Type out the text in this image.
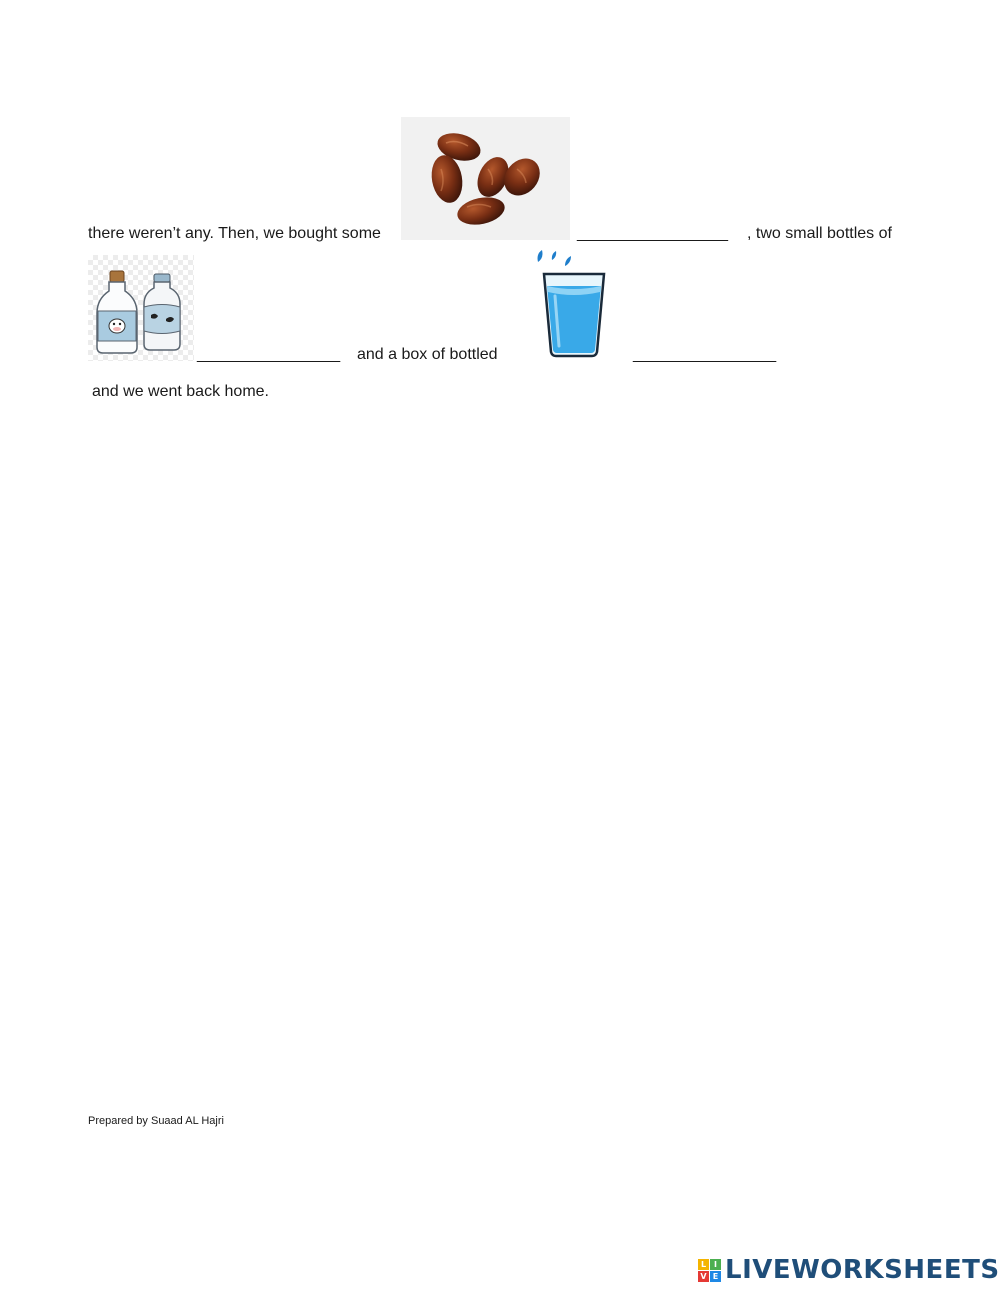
there weren’t any. Then, we bought some	___________________ , two small bottles of
__________________ and a box of bottled	__________________
and we went back home.
Prepared by Suaad AL Hajri
L I
V E LIVEWORKSHEETS
